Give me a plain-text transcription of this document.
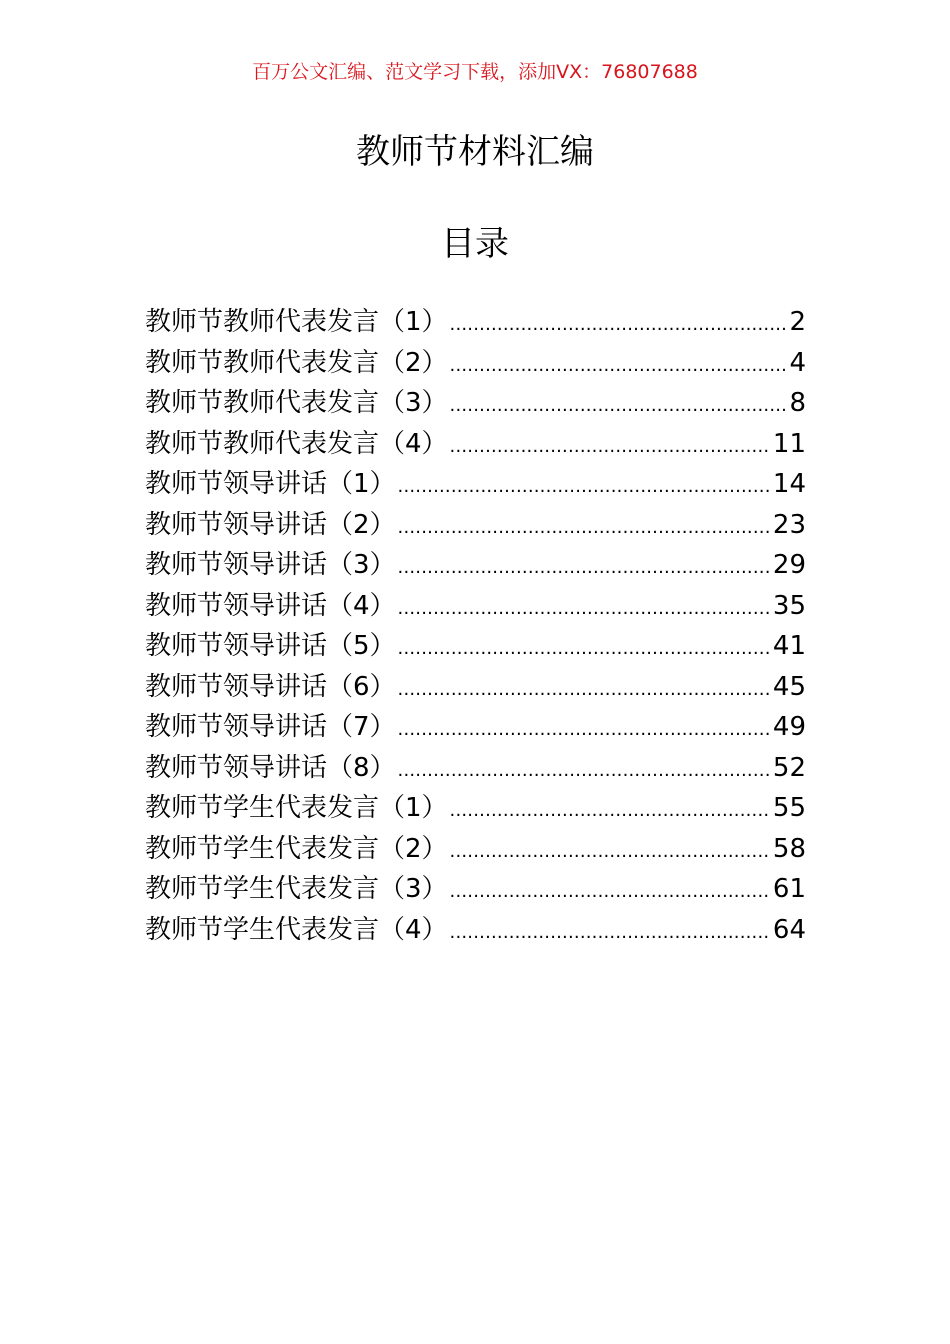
百万公文汇编、范文学习下载，添加VX：76807688
教师节材料汇编
目录
教师节教师代表发言（1） .....	2
教师节教师代表发言（2） .....	4
教师节教师代表发言（3） .....	8
教师节教师代表发言（4） .....	11
教师节领导讲话（1） .....	14
教师节领导讲话（2） .....	23
教师节领导讲话（3） .....	29
教师节领导讲话（4） .....	35
教师节领导讲话（5） .....	41
教师节领导讲话（6） .....	45
教师节领导讲话（7） .....	49
教师节领导讲话（8） .....	52
教师节学生代表发言（1） .....	55
教师节学生代表发言（2） .....	58
教师节学生代表发言（3） .....	61
教师节学生代表发言（4） .....	64
